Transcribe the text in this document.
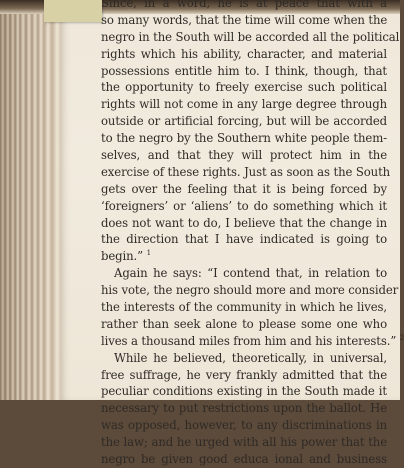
Since, in a word, he is at peace that with a
so many words, that the time will come when the
negro in the South will be accorded all the political
rights which his ability, character, and material
possessions entitle him to. I think, though, that
the opportunity to freely exercise such political
rights will not come in any large degree through
outside or artificial forcing, but will be accorded
to the negro by the Southern white people them-
selves, and that they will protect him in the
exercise of these rights. Just as soon as the South
gets over the feeling that it is being forced by
‘foreigners’ or ‘aliens’ to do something which it
does not want to do, I believe that the change in
the direction that I have indicated is going to
begin.” $^1$
Again he says: “I contend that, in relation to
his vote, the negro should more and more consider
the interests of the community in which he lives,
rather than seek alone to please some one who
lives a thousand miles from him and his interests.” $^2$
While he believed, theoretically, in universal,
free suffrage, he very frankly admitted that the
peculiar conditions existing in the South made it
necessary to put restrictions upon the ballot. He
was opposed, however, to any discriminations in
the law; and he urged with all his power that the
negro be given good educa ional and business
